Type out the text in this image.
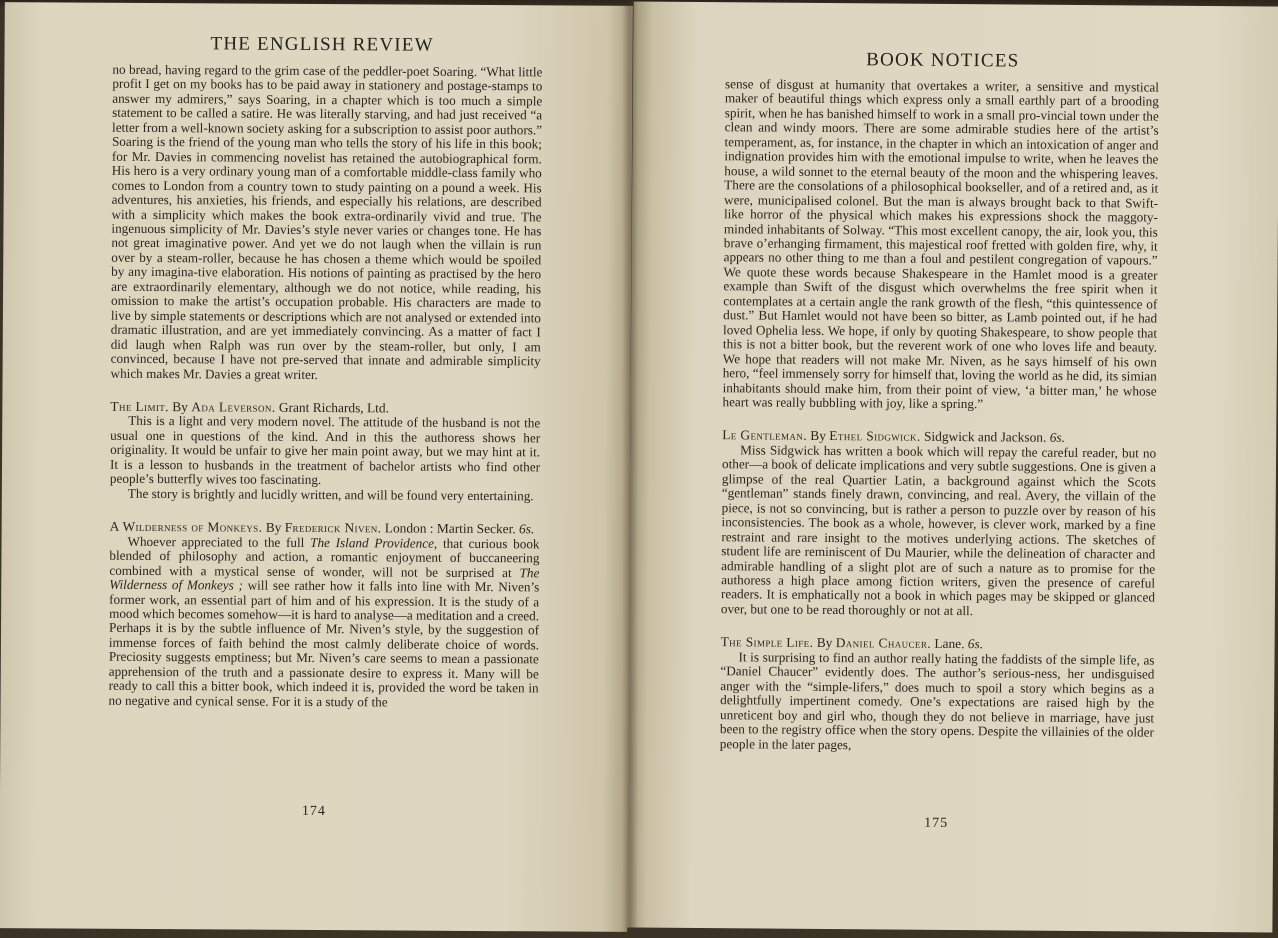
THE ENGLISH REVIEW

no bread, having regard to the grim case of the peddler-poet Soaring. “What little profit I get on my books has to be paid away in stationery and postage-stamps to answer my admirers,” says Soaring, in a chapter which is too much a simple statement to be called a satire. He was literally starving, and had just received “a letter from a well-known society asking for a subscription to assist poor authors.” Soaring is the friend of the young man who tells the story of his life in this book; for Mr. Davies in commencing novelist has retained the autobiographical form. His hero is a very ordinary young man of a comfortable middle-class family who comes to London from a country town to study painting on a pound a week. His adventures, his anxieties, his friends, and especially his relations, are described with a simplicity which makes the book extra-ordinarily vivid and true. The ingenuous simplicity of Mr. Davies’s style never varies or changes tone. He has not great imaginative power. And yet we do not laugh when the villain is run over by a steam-roller, because he has chosen a theme which would be spoiled by any imagina-tive elaboration. His notions of painting as practised by the hero are extraordinarily elementary, although we do not notice, while reading, his omission to make the artist’s occupation probable. His characters are made to live by simple statements or descriptions which are not analysed or extended into dramatic illustration, and are yet immediately convincing. As a matter of fact I did laugh when Ralph was run over by the steam-roller, but only, I am convinced, because I have not pre-served that innate and admirable simplicity which makes Mr. Davies a great writer.

The Limit. By Ada Leverson. Grant Richards, Ltd.

This is a light and very modern novel. The attitude of the husband is not the usual one in questions of the kind. And in this the authoress shows her originality. It would be unfair to give her main point away, but we may hint at it. It is a lesson to husbands in the treatment of bachelor artists who find other people’s butterfly wives too fascinating.

The story is brightly and lucidly written, and will be found very entertaining.

A Wilderness of Monkeys. By Frederick Niven. London : Martin Secker. 6s.

Whoever appreciated to the full The Island Providence, that curious book blended of philosophy and action, a romantic enjoyment of buccaneering combined with a mystical sense of wonder, will not be surprised at The Wilderness of Monkeys ; will see rather how it falls into line with Mr. Niven’s former work, an essential part of him and of his expression. It is the study of a mood which becomes somehow—it is hard to analyse—a meditation and a creed. Perhaps it is by the subtle influence of Mr. Niven’s style, by the suggestion of immense forces of faith behind the most calmly deliberate choice of words. Preciosity suggests emptiness; but Mr. Niven’s care seems to mean a passionate apprehension of the truth and a passionate desire to express it. Many will be ready to call this a bitter book, which indeed it is, provided the word be taken in no negative and cynical sense. For it is a study of the

174
BOOK NOTICES

sense of disgust at humanity that overtakes a writer, a sensitive and mystical maker of beautiful things which express only a small earthly part of a brooding spirit, when he has banished himself to work in a small pro-vincial town under the clean and windy moors. There are some admirable studies here of the artist’s temperament, as, for instance, in the chapter in which an intoxication of anger and indignation provides him with the emotional impulse to write, when he leaves the house, a wild sonnet to the eternal beauty of the moon and the whispering leaves. There are the consolations of a philosophical bookseller, and of a retired and, as it were, municipalised colonel. But the man is always brought back to that Swift-like horror of the physical which makes his expressions shock the maggoty-minded inhabitants of Solway. “This most excellent canopy, the air, look you, this brave o’erhanging firmament, this majestical roof fretted with golden fire, why, it appears no other thing to me than a foul and pestilent congregation of vapours.” We quote these words because Shakespeare in the Hamlet mood is a greater example than Swift of the disgust which overwhelms the free spirit when it contemplates at a certain angle the rank growth of the flesh, “this quintessence of dust.” But Hamlet would not have been so bitter, as Lamb pointed out, if he had loved Ophelia less. We hope, if only by quoting Shakespeare, to show people that this is not a bitter book, but the reverent work of one who loves life and beauty. We hope that readers will not make Mr. Niven, as he says himself of his own hero, “feel immensely sorry for himself that, loving the world as he did, its simian inhabitants should make him, from their point of view, ‘a bitter man,’ he whose heart was really bubbling with joy, like a spring.”

Le Gentleman. By Ethel Sidgwick. Sidgwick and Jackson. 6s.

Miss Sidgwick has written a book which will repay the careful reader, but no other—a book of delicate implications and very subtle suggestions. One is given a glimpse of the real Quartier Latin, a background against which the Scots “gentleman” stands finely drawn, convincing, and real. Avery, the villain of the piece, is not so convincing, but is rather a person to puzzle over by reason of his inconsistencies. The book as a whole, however, is clever work, marked by a fine restraint and rare insight to the motives underlying actions. The sketches of student life are reminiscent of Du Maurier, while the delineation of character and admirable handling of a slight plot are of such a nature as to promise for the authoress a high place among fiction writers, given the presence of careful readers. It is emphatically not a book in which pages may be skipped or glanced over, but one to be read thoroughly or not at all.

The Simple Life. By Daniel Chaucer. Lane. 6s.

It is surprising to find an author really hating the faddists of the simple life, as “Daniel Chaucer” evidently does. The author’s serious-ness, her undisguised anger with the “simple-lifers,” does much to spoil a story which begins as a delightfully impertinent comedy. One’s expectations are raised high by the unreticent boy and girl who, though they do not believe in marriage, have just been to the registry office when the story opens. Despite the villainies of the older people in the later pages,

175
